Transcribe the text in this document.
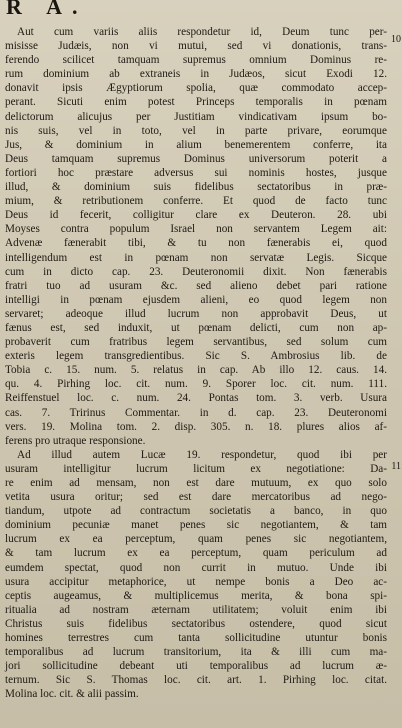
R A.
10
11
Aut cum variis aliis respondetur id, Deum tunc per-
misisse Judæis, non vi mutui, sed vi donationis, trans-
ferendo scilicet tamquam supremus omnium Dominus re-
rum dominium ab extraneis in Judæos, sicut Exodi 12.
donavit ipsis Ægyptiorum spolia, quæ commodato accep-
perant. Sicuti enim potest Princeps temporalis in pœnam
delictorum alicujus per Justitiam vindicativam ipsum bo-
nis suis, vel in toto, vel in parte privare, eorumque
Jus, & dominium in alium benemerentem conferre, ita
Deus tamquam supremus Dominus universorum poterit a
fortiori hoc præstare adversus sui nominis hostes, jusque
illud, & dominium suis fidelibus sectatoribus in præ-
mium, & retributionem conferre. Et quod de facto tunc
Deus id fecerit, colligitur clare ex Deuteron. 28. ubi
Moyses contra populum Israel non servantem Legem ait:
Advenæ fænerabit tibi, & tu non fænerabis ei, quod
intelligendum est in pœnam non servatæ Legis. Sicque
cum in dicto cap. 23. Deuteronomii dixit. Non fænerabis
fratri tuo ad usuram &c. sed alieno debet pari ratione
intelligi in pœnam ejusdem alieni, eo quod legem non
servaret; adeoque illud lucrum non approbavit Deus, ut
fænus est, sed induxit, ut pœnam delicti, cum non ap-
probaverit cum fratribus legem servantibus, sed solum cum
exteris legem transgredientibus. Sic S. Ambrosius lib. de
Tobia c. 15. num. 5. relatus in cap. Ab illo 12. caus. 14.
qu. 4. Pirhing loc. cit. num. 9. Sporer loc. cit. num. 111.
Reiffenstuel loc. c. num. 24. Pontas tom. 3. verb. Usura
cas. 7. Tririnus Commentar. in d. cap. 23. Deuteronomi
vers. 19. Molina tom. 2. disp. 305. n. 18. plures alios af-
ferens pro utraque responsione.
Ad illud autem Lucæ 19. respondetur, quod ibi per
usuram intelligitur lucrum licitum ex negotiatione: Da-
re enim ad mensam, non est dare mutuum, ex quo solo
vetita usura oritur; sed est dare mercatoribus ad nego-
tiandum, utpote ad contractum societatis a banco, in quo
dominium pecuniæ manet penes sic negotiantem, & tam
lucrum ex ea perceptum, quam penes sic negotiantem,
& tam lucrum ex ea perceptum, quam periculum ad
eumdem spectat, quod non currit in mutuo. Unde ibi
usura accipitur metaphorice, ut nempe bonis a Deo ac-
ceptis augeamus, & multiplicemus merita, & bona spi-
ritualia ad nostram æternam utilitatem; voluit enim ibi
Christus suis fidelibus sectatoribus ostendere, quod sicut
homines terrestres cum tanta sollicitudine utuntur bonis
temporalibus ad lucrum transitorium, ita & illi cum ma-
jori sollicitudine debeant uti temporalibus ad lucrum æ-
ternum. Sic S. Thomas loc. cit. art. 1. Pirhing loc. citat.
Molina loc. cit. & alii passim.
